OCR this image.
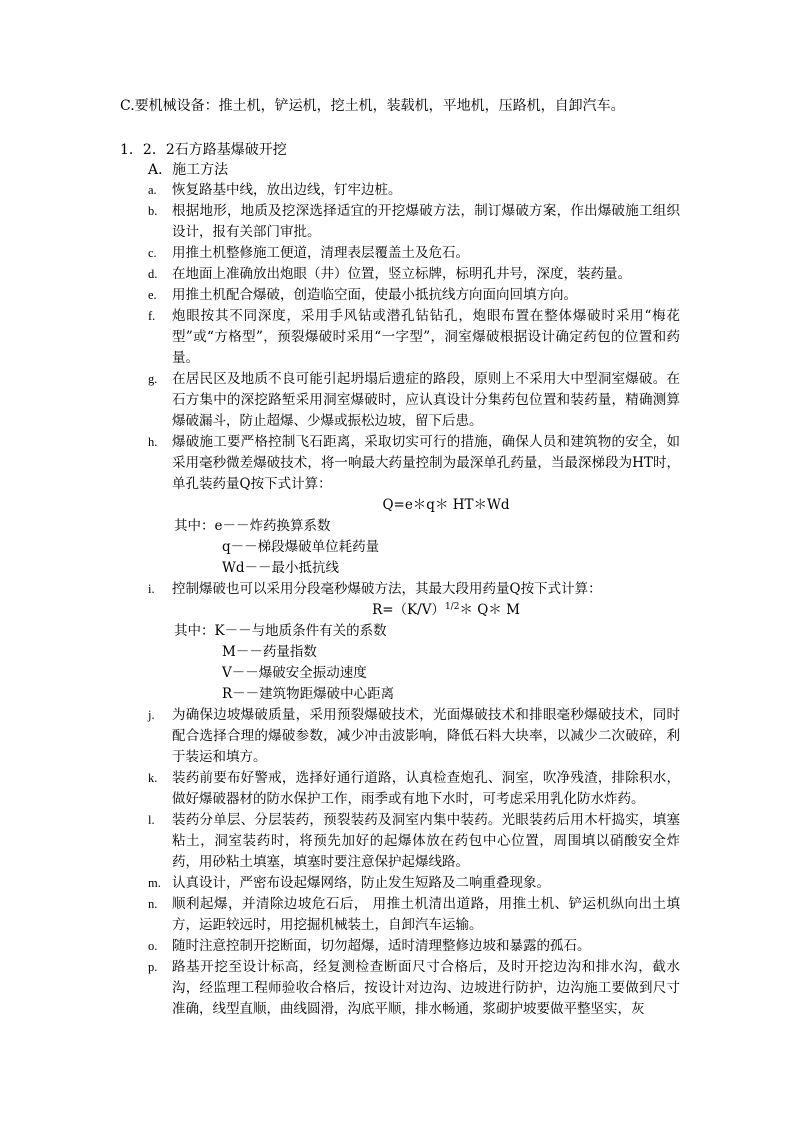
C.要机械设备：推土机，铲运机，挖土机，装载机，平地机，压路机，自卸汽车。
1．2．2石方路基爆破开挖
A．施工方法
a. 恢复路基中线，放出边线，钉牢边桩。
b. 根据地形，地质及挖深选择适宜的开挖爆破方法，制订爆破方案，作出爆破施工组织设计，报有关部门审批。
c. 用推土机整修施工便道，清理表层覆盖土及危石。
d. 在地面上准确放出炮眼（井）位置，竖立标牌，标明孔井号，深度，装药量。
e. 用推土机配合爆破，创造临空面，使最小抵抗线方向面向回填方向。
f. 炮眼按其不同深度，采用手风钻或潜孔钻钻孔，炮眼布置在整体爆破时采用“梅花型”或“方格型”，预裂爆破时采用“一字型”，洞室爆破根据设计确定药包的位置和药量。
g. 在居民区及地质不良可能引起坍塌后遗症的路段，原则上不采用大中型洞室爆破。在石方集中的深挖路堑采用洞室爆破时，应认真设计分集药包位置和装药量，精确测算爆破漏斗，防止超爆、少爆或振松边坡，留下后患。
h. 爆破施工要严格控制飞石距离，采取切实可行的措施，确保人员和建筑物的安全，如采用毫秒微差爆破技术，将一响最大药量控制为最深单孔药量，当最深梯段为HT时，单孔装药量Q按下式计算：
Q=e＊q＊ HT＊Wd
其中：e－－炸药换算系数
q－－梯段爆破单位耗药量
Wd－－最小抵抗线
i. 控制爆破也可以采用分段毫秒爆破方法，其最大段用药量Q按下式计算：
$R=(K/V)^{1/2}*$ Q＊ M
其中：K－－与地质条件有关的系数
M－－药量指数
V－－爆破安全振动速度
R－－建筑物距爆破中心距离
j. 为确保边坡爆破质量，采用预裂爆破技术，光面爆破技术和排眼毫秒爆破技术，同时配合选择合理的爆破参数，减少冲击波影响，降低石料大块率，以减少二次破碎，利于装运和填方。
k. 装药前要布好警戒，选择好通行道路，认真检查炮孔、洞室，吹净残渣，排除积水，做好爆破器材的防水保护工作，雨季或有地下水时，可考虑采用乳化防水炸药。
l. 装药分单层、分层装药，预裂装药及洞室内集中装药。光眼装药后用木杆捣实，填塞粘土，洞室装药时，将预先加好的起爆体放在药包中心位置，周围填以硝酸安全炸药，用砂粘土填塞，填塞时要注意保护起爆线路。
m. 认真设计，严密布设起爆网络，防止发生短路及二响重叠现象。
n. 顺利起爆，并清除边坡危石后， 用推土机清出道路，用推土机、铲运机纵向出土填方，运距较远时，用挖掘机械装土，自卸汽车运输。
o. 随时注意控制开挖断面，切勿超爆，适时清理整修边坡和暴露的孤石。
p. 路基开挖至设计标高，经复测检查断面尺寸合格后，及时开挖边沟和排水沟，截水沟，经监理工程师验收合格后，按设计对边沟、边坡进行防护，边沟施工要做到尺寸准确，线型直顺，曲线圆滑，沟底平顺，排水畅通，浆砌护坡要做平整坚实，灰
